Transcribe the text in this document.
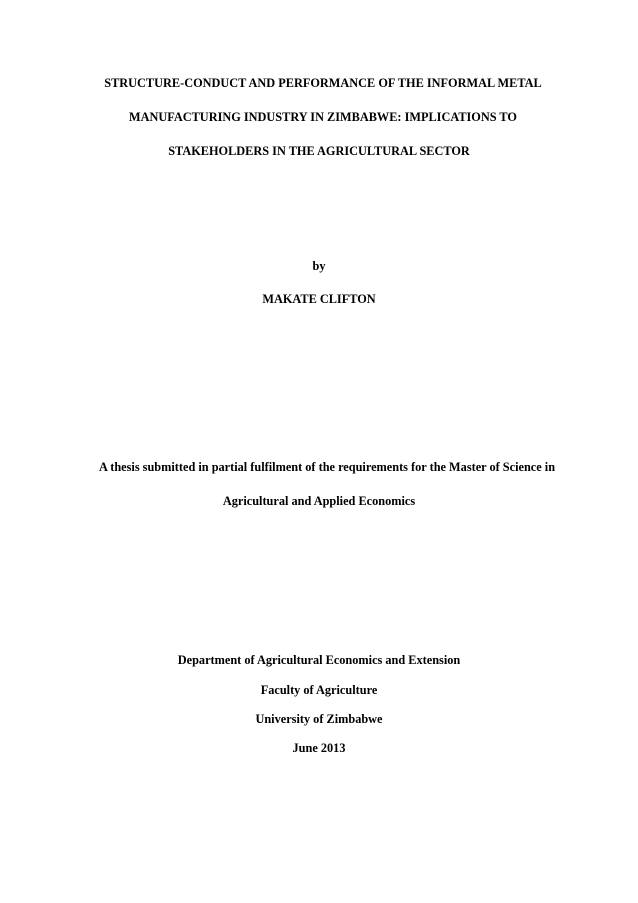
STRUCTURE-CONDUCT AND PERFORMANCE OF THE INFORMAL METAL
MANUFACTURING INDUSTRY IN ZIMBABWE: IMPLICATIONS TO
STAKEHOLDERS IN THE AGRICULTURAL SECTOR
by
MAKATE CLIFTON
A thesis submitted in partial fulfilment of the requirements for the Master of Science in
Agricultural and Applied Economics
Department of Agricultural Economics and Extension
Faculty of Agriculture
University of Zimbabwe
June 2013
